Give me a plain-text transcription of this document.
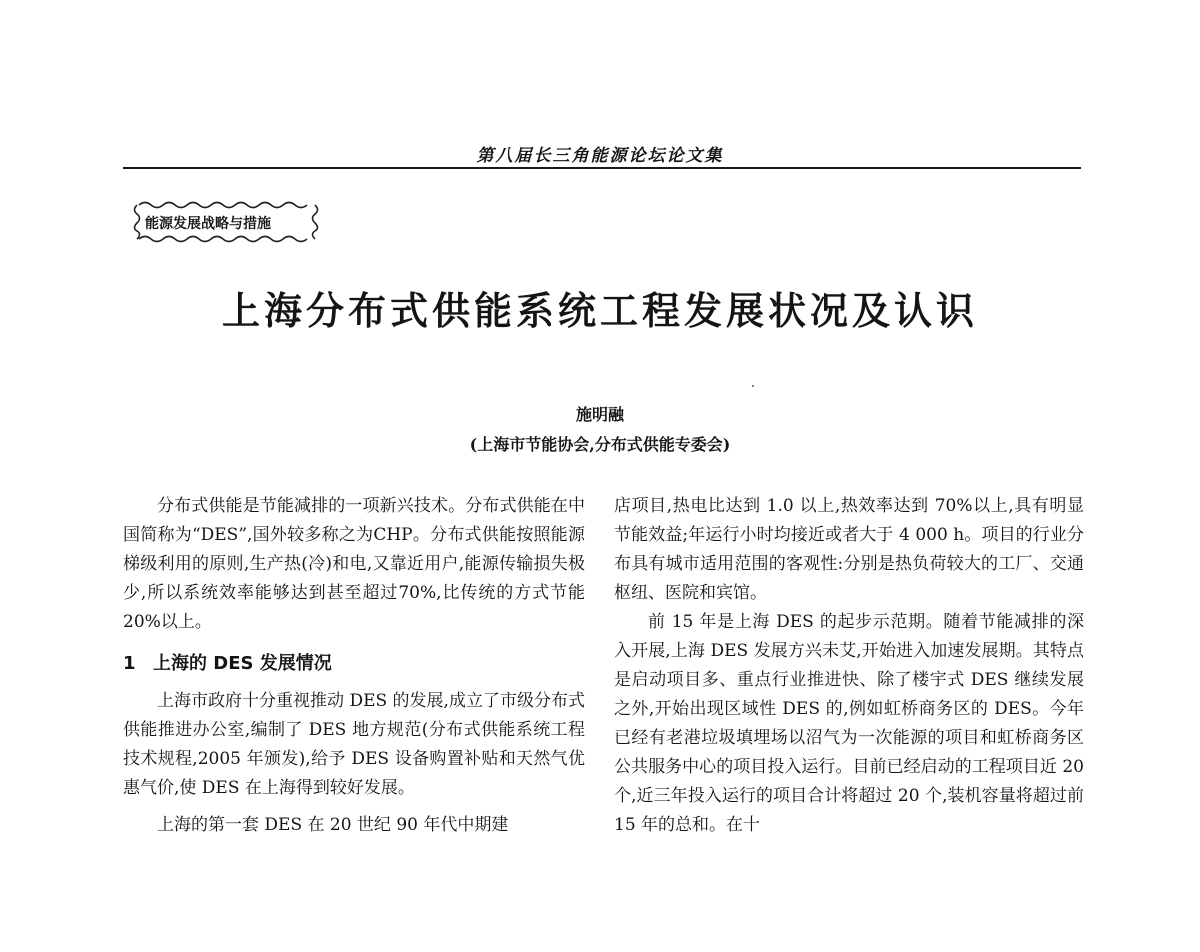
第八届长三角能源论坛论文集
能源发展战略与措施
上海分布式供能系统工程发展状况及认识
施明融
(上海市节能协会,分布式供能专委会)

分布式供能是节能减排的一项新兴技术。分布式供能在中国简称为“DES”,国外较多称之为CHP。分布式供能按照能源梯级利用的原则,生产热(冷)和电,又靠近用户,能源传输损失极少,所以系统效率能够达到甚至超过70%,比传统的方式节能20%以上。

1 上海的 DES 发展情况

上海市政府十分重视推动 DES 的发展,成立了市级分布式供能推进办公室,编制了 DES 地方规范(分布式供能系统工程技术规程,2005 年颁发),给予 DES 设备购置补贴和天然气优惠气价,使 DES 在上海得到较好发展。

上海的第一套 DES 在 20 世纪 90 年代中期建

店项目,热电比达到 1.0 以上,热效率达到 70%以上,具有明显节能效益;年运行小时均接近或者大于 4 000 h。项目的行业分布具有城市适用范围的客观性:分别是热负荷较大的工厂、交通枢纽、医院和宾馆。

前 15 年是上海 DES 的起步示范期。随着节能减排的深入开展,上海 DES 发展方兴未艾,开始进入加速发展期。其特点是启动项目多、重点行业推进快、除了楼宇式 DES 继续发展之外,开始出现区域性 DES 的,例如虹桥商务区的 DES。今年已经有老港垃圾填埋场以沼气为一次能源的项目和虹桥商务区公共服务中心的项目投入运行。目前已经启动的工程项目近 20 个,近三年投入运行的项目合计将超过 20 个,装机容量将超过前 15 年的总和。在十
